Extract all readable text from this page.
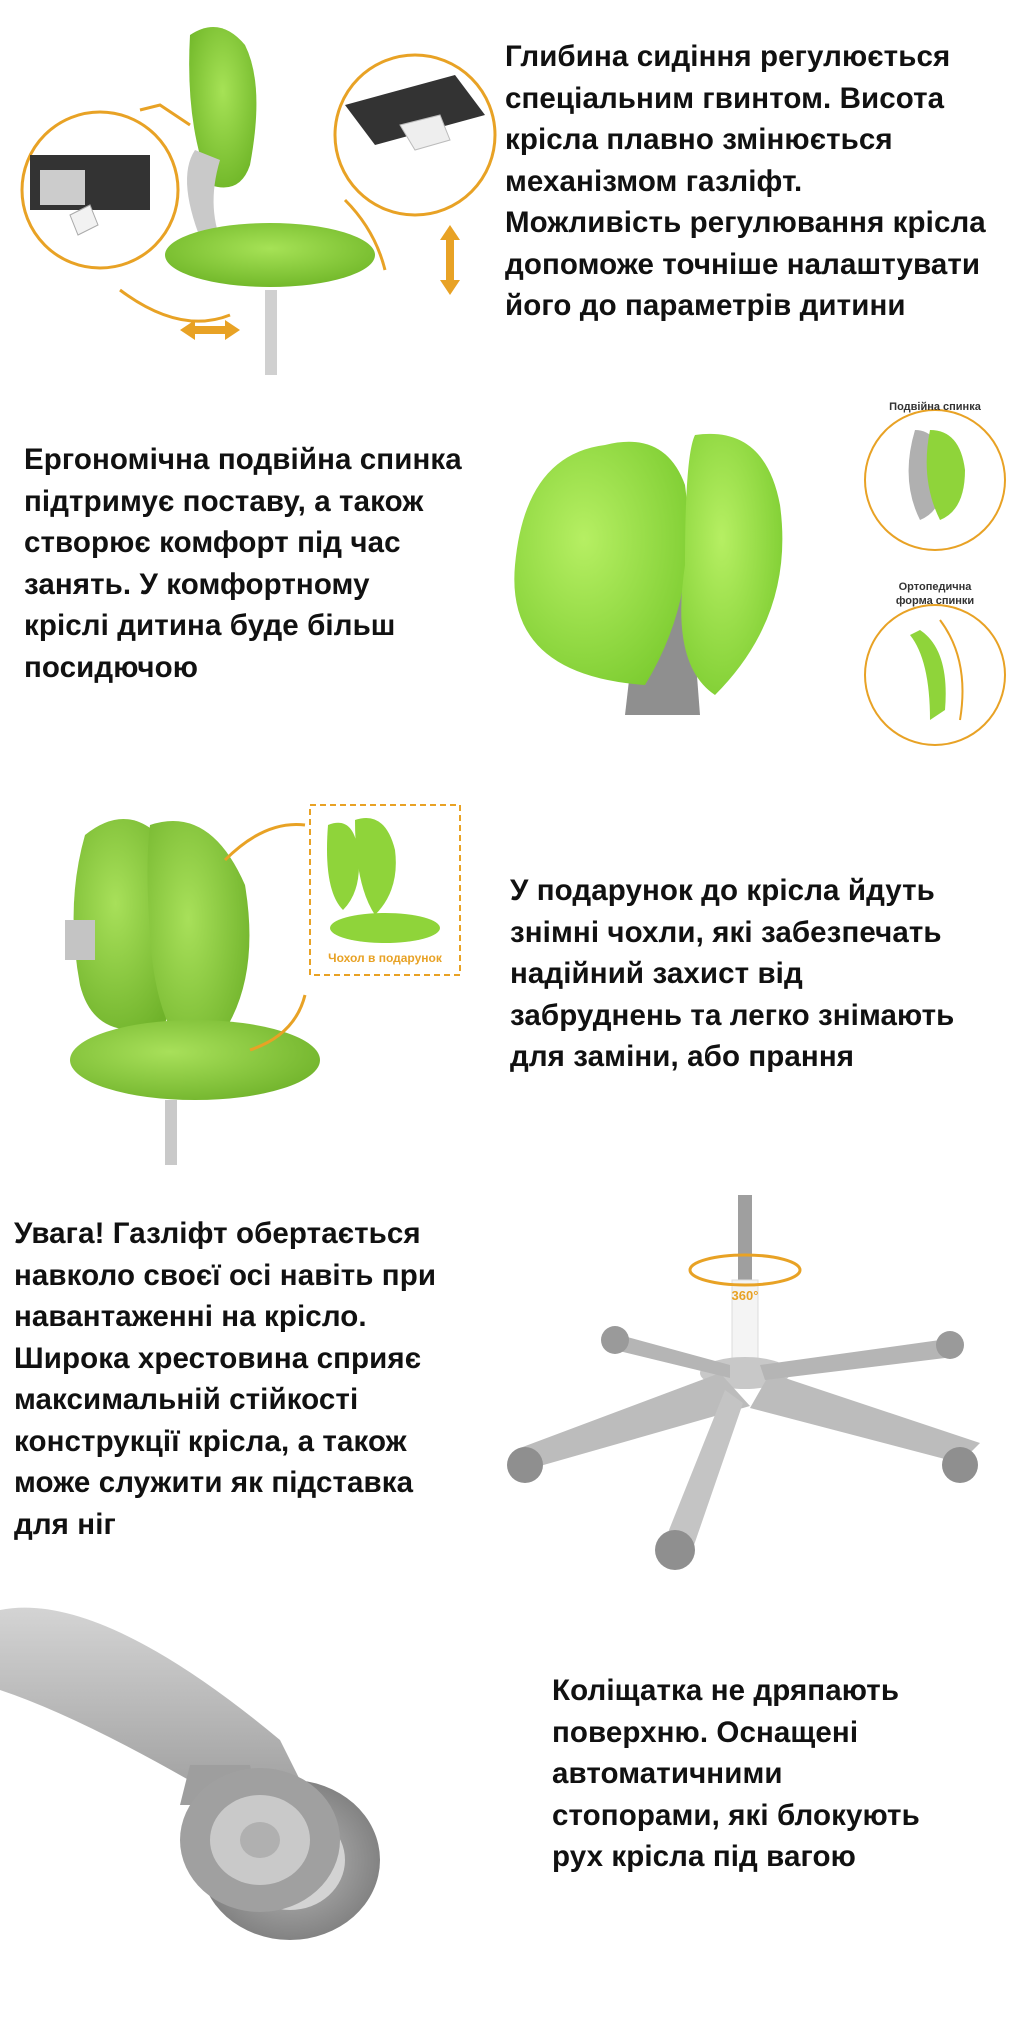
Глибина сидіння регулюється
спеціальним гвинтом. Висота
крісла плавно змінюється
механізмом газліфт.
Можливість регулювання крісла
допоможе точніше налаштувати
його до параметрів дитини
Ергономічна подвійна спинка
підтримує поставу, а також
створює комфорт під час
занять. У комфортному
кріслі дитина буде більш
посидючою
Подвійна спинка
Ортопедична
форма спинки
Чохол в подарунок
У подарунок до крісла йдуть
знімні чохли, які забезпечать
надійний захист від
забруднень та легко знімають
для заміни, або прання
Увага! Газліфт обертається
навколо своєї осі навіть при
навантаженні на крісло.
Широка хрестовина сприяє
максимальній стійкості
конструкції крісла, а також
може служити як підставка
для ніг
360°
Коліщатка не дряпають
поверхню. Оснащені
автоматичними
стопорами, які блокують
рух крісла під вагою
